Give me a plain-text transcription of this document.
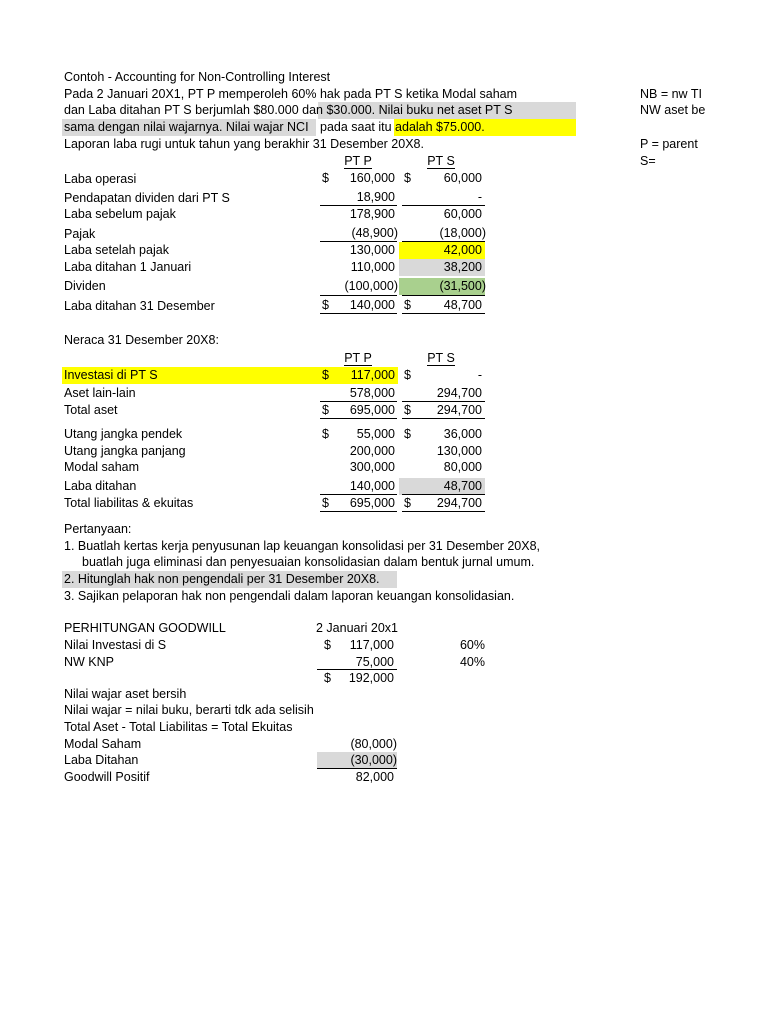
Contoh - Accounting for Non-Controlling Interest
Pada 2 Januari 20X1, PT P memperoleh 60% hak pada PT S ketika Modal saham
dan Laba ditahan PT S berjumlah $80.000 dan $30.000. Nilai buku net aset PT S
sama dengan nilai wajarnya. Nilai wajar NCI pada saat itu a dalah $75.000.
Laporan laba rugi untuk tahun yang berakhir 31 Desember 20X8.
NB = nw TI
NW aset be
P = parent
S=
PT P	PT S
Laba operasi	$	160,000 $	60,000
Pendapatan dividen dari PT S	18,900	-
Laba sebelum pajak	178,900	60,000
Pajak	(48,900)	(18,000)
Laba setelah pajak	130,000	42,000
Laba ditahan 1 Januari	110,000	38,200
Dividen	(100,000)	(31,500)
Laba ditahan 31 Desember	$	140,000 $	48,700
Neraca 31 Desember 20X8:
PT P	PT S
Investasi di PT S	$	117,000 $	-
Aset lain-lain	578,000	294,700
Total aset	$	695,000 $	294,700
Utang jangka pendek	$	55,000 $	36,000
Utang jangka panjang	200,000	130,000
Modal saham	300,000	80,000
Laba ditahan	140,000	48,700
Total liabilitas & ekuitas	$	695,000 $	294,700
Pertanyaan:
1. Buatlah kertas kerja penyusunan lap keuangan konsolidasi per 31 Desember 20X8,
buatlah juga eliminasi dan penyesuaian konsolidasian dalam bentuk jurnal umum.
2. Hitunglah hak non pengendali per 31 Desember 20X8.
3. Sajikan pelaporan hak non pengendali dalam laporan keuangan konsolidasian.
PERHITUNGAN GOODWILL	2 Januari 20x1
Nilai Investasi di S	$	117,000	60%
NW KNP	75,000	40%
$	192,000
Nilai wajar aset bersih
Nilai wajar = nilai buku, berarti tdk ada selisih
Total Aset - Total Liabilitas = Total Ekuitas
Modal Saham	(80,000)
Laba Ditahan	(30,000)
Goodwill Positif	82,000
